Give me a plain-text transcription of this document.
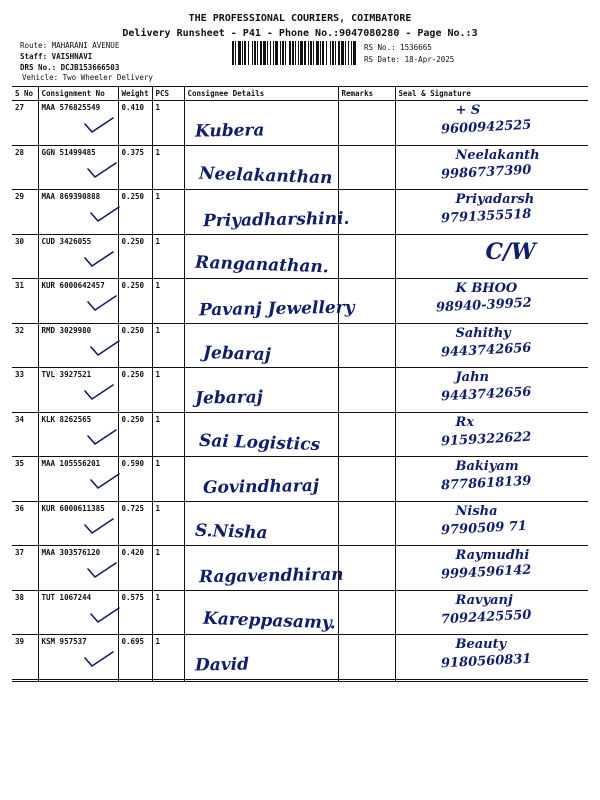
THE PROFESSIONAL COURIERS, COIMBATORE
Delivery Runsheet - P41 - Phone No.:9047080280 - Page No.:3
Route: MAHARANI AVENUE
Staff: VAISHNAVI
DRS No.: DCJB153666503
Vehicle: Two Wheeler Delivery
RS No.: 1536665
RS Date: 18-Apr-2025
S No	Consignment No	Weight	PCS	Consignee Details	Remarks	Seal & Signature
27	MAA 576825549	0.410	1	Kubera		+ S
9600942525

28	GGN 51499485	0.375	1	Neelakanthan		Neelakanth
9986737390

29	MAA 869390888	0.250	1	Priyadharshini.		Priyadarsh
9791355518

30	CUD 3426055	0.250	1	Ranganathan.		C/W

31	KUR 6000642457	0.250	1	Pavanj Jewellery		K BHOO
98940-39952

32	RMD 3029980	0.250	1	Jebaraj		Sahithy
9443742656

33	TVL 3927521	0.250	1	Jebaraj		Jahn
9443742656

34	KLK 8262565	0.250	1	Sai Logistics		Rx
9159322622

35	MAA 105556201	0.590	1	Govindharaj		Bakiyam
8778618139

36	KUR 6000611385	0.725	1	S.Nisha		Nisha
9790509 71

37	MAA 303576120	0.420	1	Ragavendhiran		Raymudhi
9994596142

38	TUT 1067244	0.575	1	Kareppasamy.		Ravyanj
7092425550

39	KSM 957537	0.695	1	David		Beauty
9180560831
